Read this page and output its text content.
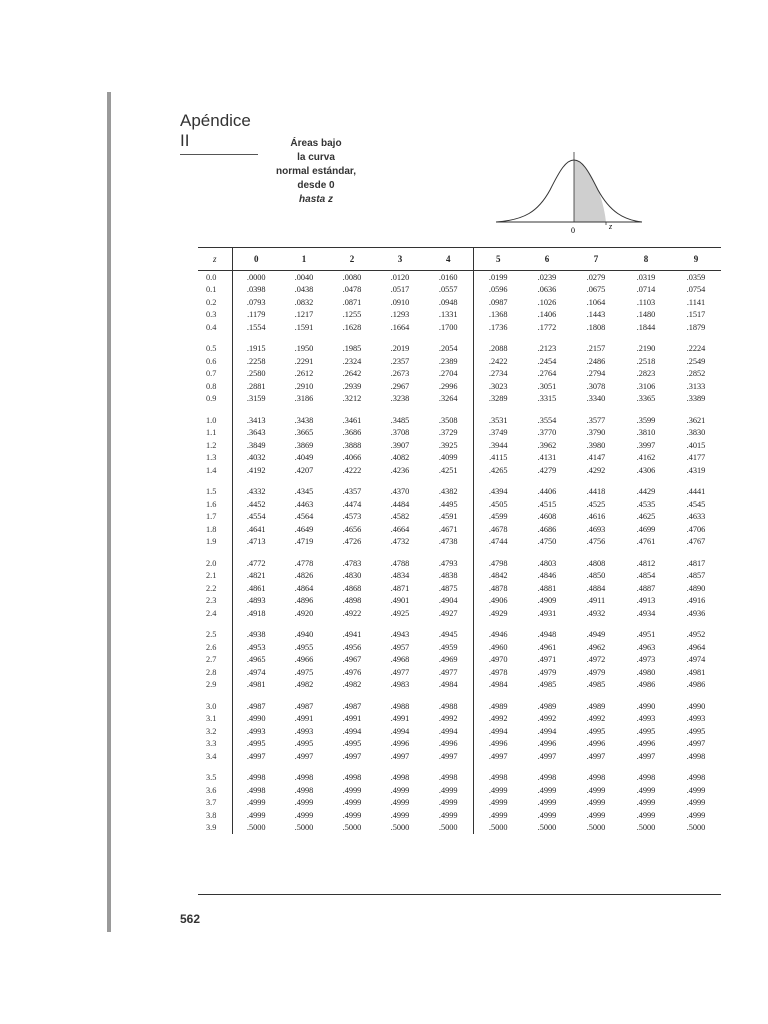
Apéndice II	Áreas bajo
la curva
normal estándar,
desde 0
hasta z
0	z
z	0	1	2	3	4	5	6	7	8	9
0.0	.0000	.0040	.0080	.0120	.0160	.0199	.0239	.0279	.0319	.0359
0.1	.0398	.0438	.0478	.0517	.0557	.0596	.0636	.0675	.0714	.0754
0.2	.0793	.0832	.0871	.0910	.0948	.0987	.1026	.1064	.1103	.1141
0.3	.1179	.1217	.1255	.1293	.1331	.1368	.1406	.1443	.1480	.1517
0.4	.1554	.1591	.1628	.1664	.1700	.1736	.1772	.1808	.1844	.1879

0.5	.1915	.1950	.1985	.2019	.2054	.2088	.2123	.2157	.2190	.2224
0.6	.2258	.2291	.2324	.2357	.2389	.2422	.2454	.2486	.2518	.2549
0.7	.2580	.2612	.2642	.2673	.2704	.2734	.2764	.2794	.2823	.2852
0.8	.2881	.2910	.2939	.2967	.2996	.3023	.3051	.3078	.3106	.3133
0.9	.3159	.3186	.3212	.3238	.3264	.3289	.3315	.3340	.3365	.3389

1.0	.3413	.3438	.3461	.3485	.3508	.3531	.3554	.3577	.3599	.3621
1.1	.3643	.3665	.3686	.3708	.3729	.3749	.3770	.3790	.3810	.3830
1.2	.3849	.3869	.3888	.3907	.3925	.3944	.3962	.3980	.3997	.4015
1.3	.4032	.4049	.4066	.4082	.4099	.4115	.4131	.4147	.4162	.4177
1.4	.4192	.4207	.4222	.4236	.4251	.4265	.4279	.4292	.4306	.4319

1.5	.4332	.4345	.4357	.4370	.4382	.4394	.4406	.4418	.4429	.4441
1.6	.4452	.4463	.4474	.4484	.4495	.4505	.4515	.4525	.4535	.4545
1.7	.4554	.4564	.4573	.4582	.4591	.4599	.4608	.4616	.4625	.4633
1.8	.4641	.4649	.4656	.4664	.4671	.4678	.4686	.4693	.4699	.4706
1.9	.4713	.4719	.4726	.4732	.4738	.4744	.4750	.4756	.4761	.4767

2.0	.4772	.4778	.4783	.4788	.4793	.4798	.4803	.4808	.4812	.4817
2.1	.4821	.4826	.4830	.4834	.4838	.4842	.4846	.4850	.4854	.4857
2.2	.4861	.4864	.4868	.4871	.4875	.4878	.4881	.4884	.4887	.4890
2.3	.4893	.4896	.4898	.4901	.4904	.4906	.4909	.4911	.4913	.4916
2.4	.4918	.4920	.4922	.4925	.4927	.4929	.4931	.4932	.4934	.4936

2.5	.4938	.4940	.4941	.4943	.4945	.4946	.4948	.4949	.4951	.4952
2.6	.4953	.4955	.4956	.4957	.4959	.4960	.4961	.4962	.4963	.4964
2.7	.4965	.4966	.4967	.4968	.4969	.4970	.4971	.4972	.4973	.4974
2.8	.4974	.4975	.4976	.4977	.4977	.4978	.4979	.4979	.4980	.4981
2.9	.4981	.4982	.4982	.4983	.4984	.4984	.4985	.4985	.4986	.4986

3.0	.4987	.4987	.4987	.4988	.4988	.4989	.4989	.4989	.4990	.4990
3.1	.4990	.4991	.4991	.4991	.4992	.4992	.4992	.4992	.4993	.4993
3.2	.4993	.4993	.4994	.4994	.4994	.4994	.4994	.4995	.4995	.4995
3.3	.4995	.4995	.4995	.4996	.4996	.4996	.4996	.4996	.4996	.4997
3.4	.4997	.4997	.4997	.4997	.4997	.4997	.4997	.4997	.4997	.4998

3.5	.4998	.4998	.4998	.4998	.4998	.4998	.4998	.4998	.4998	.4998
3.6	.4998	.4998	.4999	.4999	.4999	.4999	.4999	.4999	.4999	.4999
3.7	.4999	.4999	.4999	.4999	.4999	.4999	.4999	.4999	.4999	.4999
3.8	.4999	.4999	.4999	.4999	.4999	.4999	.4999	.4999	.4999	.4999
3.9	.5000	.5000	.5000	.5000	.5000	.5000	.5000	.5000	.5000	.5000
562
